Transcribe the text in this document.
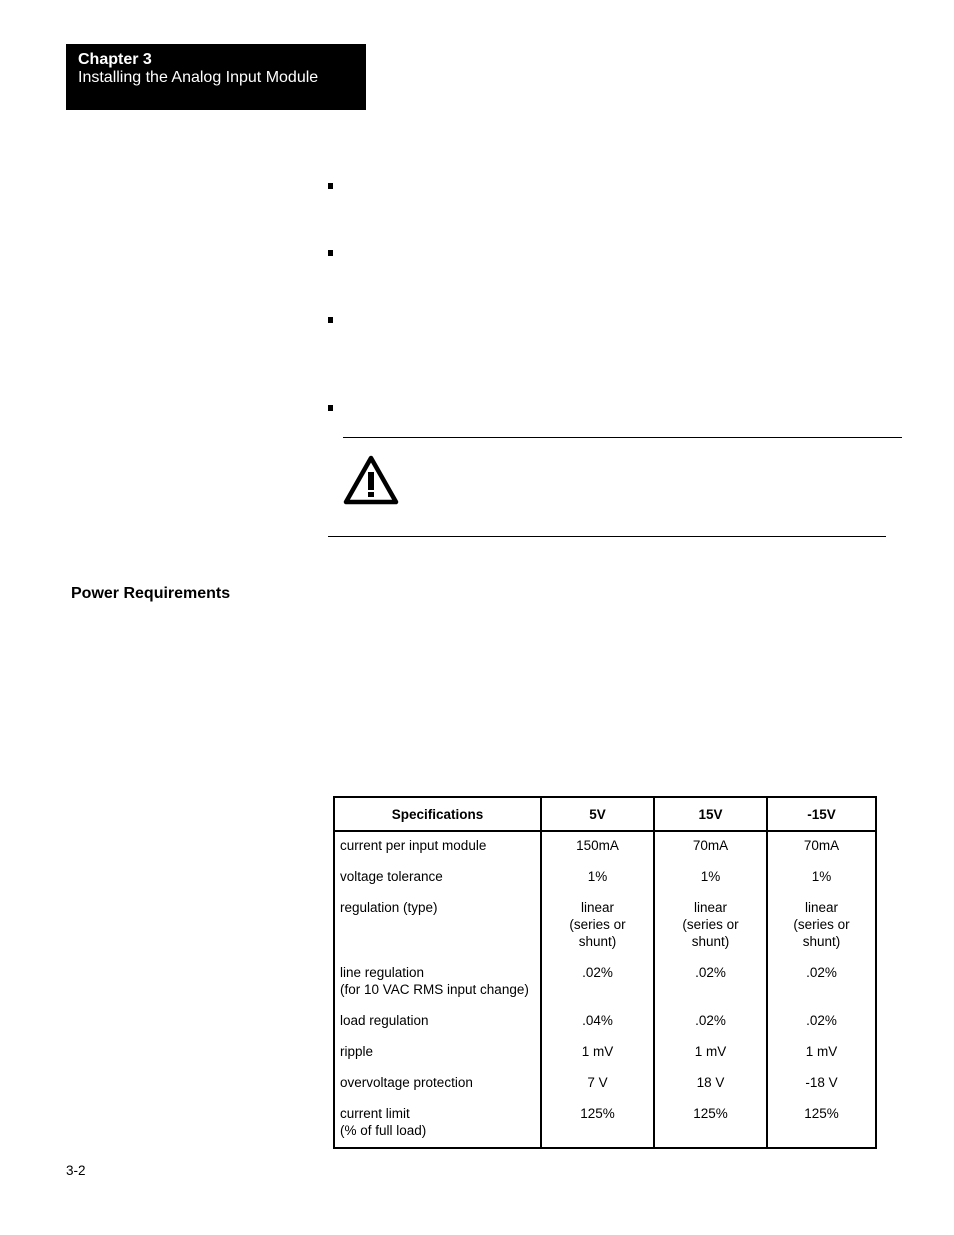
Chapter 3
Installing the Analog Input Module
Power Requirements
Specifications	5V	15V	-15V

current per input module	150mA	70mA	70mA

voltage tolerance	1%	1%	1%

regulation (type)	linear
(series or
shunt)	linear
(series or
shunt)	linear
(series or
shunt)

line regulation
(for 10 VAC RMS input change)	.02%	.02%	.02%

load regulation	.04%	.02%	.02%

ripple	1 mV	1 mV	1 mV

overvoltage protection	7 V	18 V	-18 V

current limit
(% of full load)	125%	125%	125%
3-2
